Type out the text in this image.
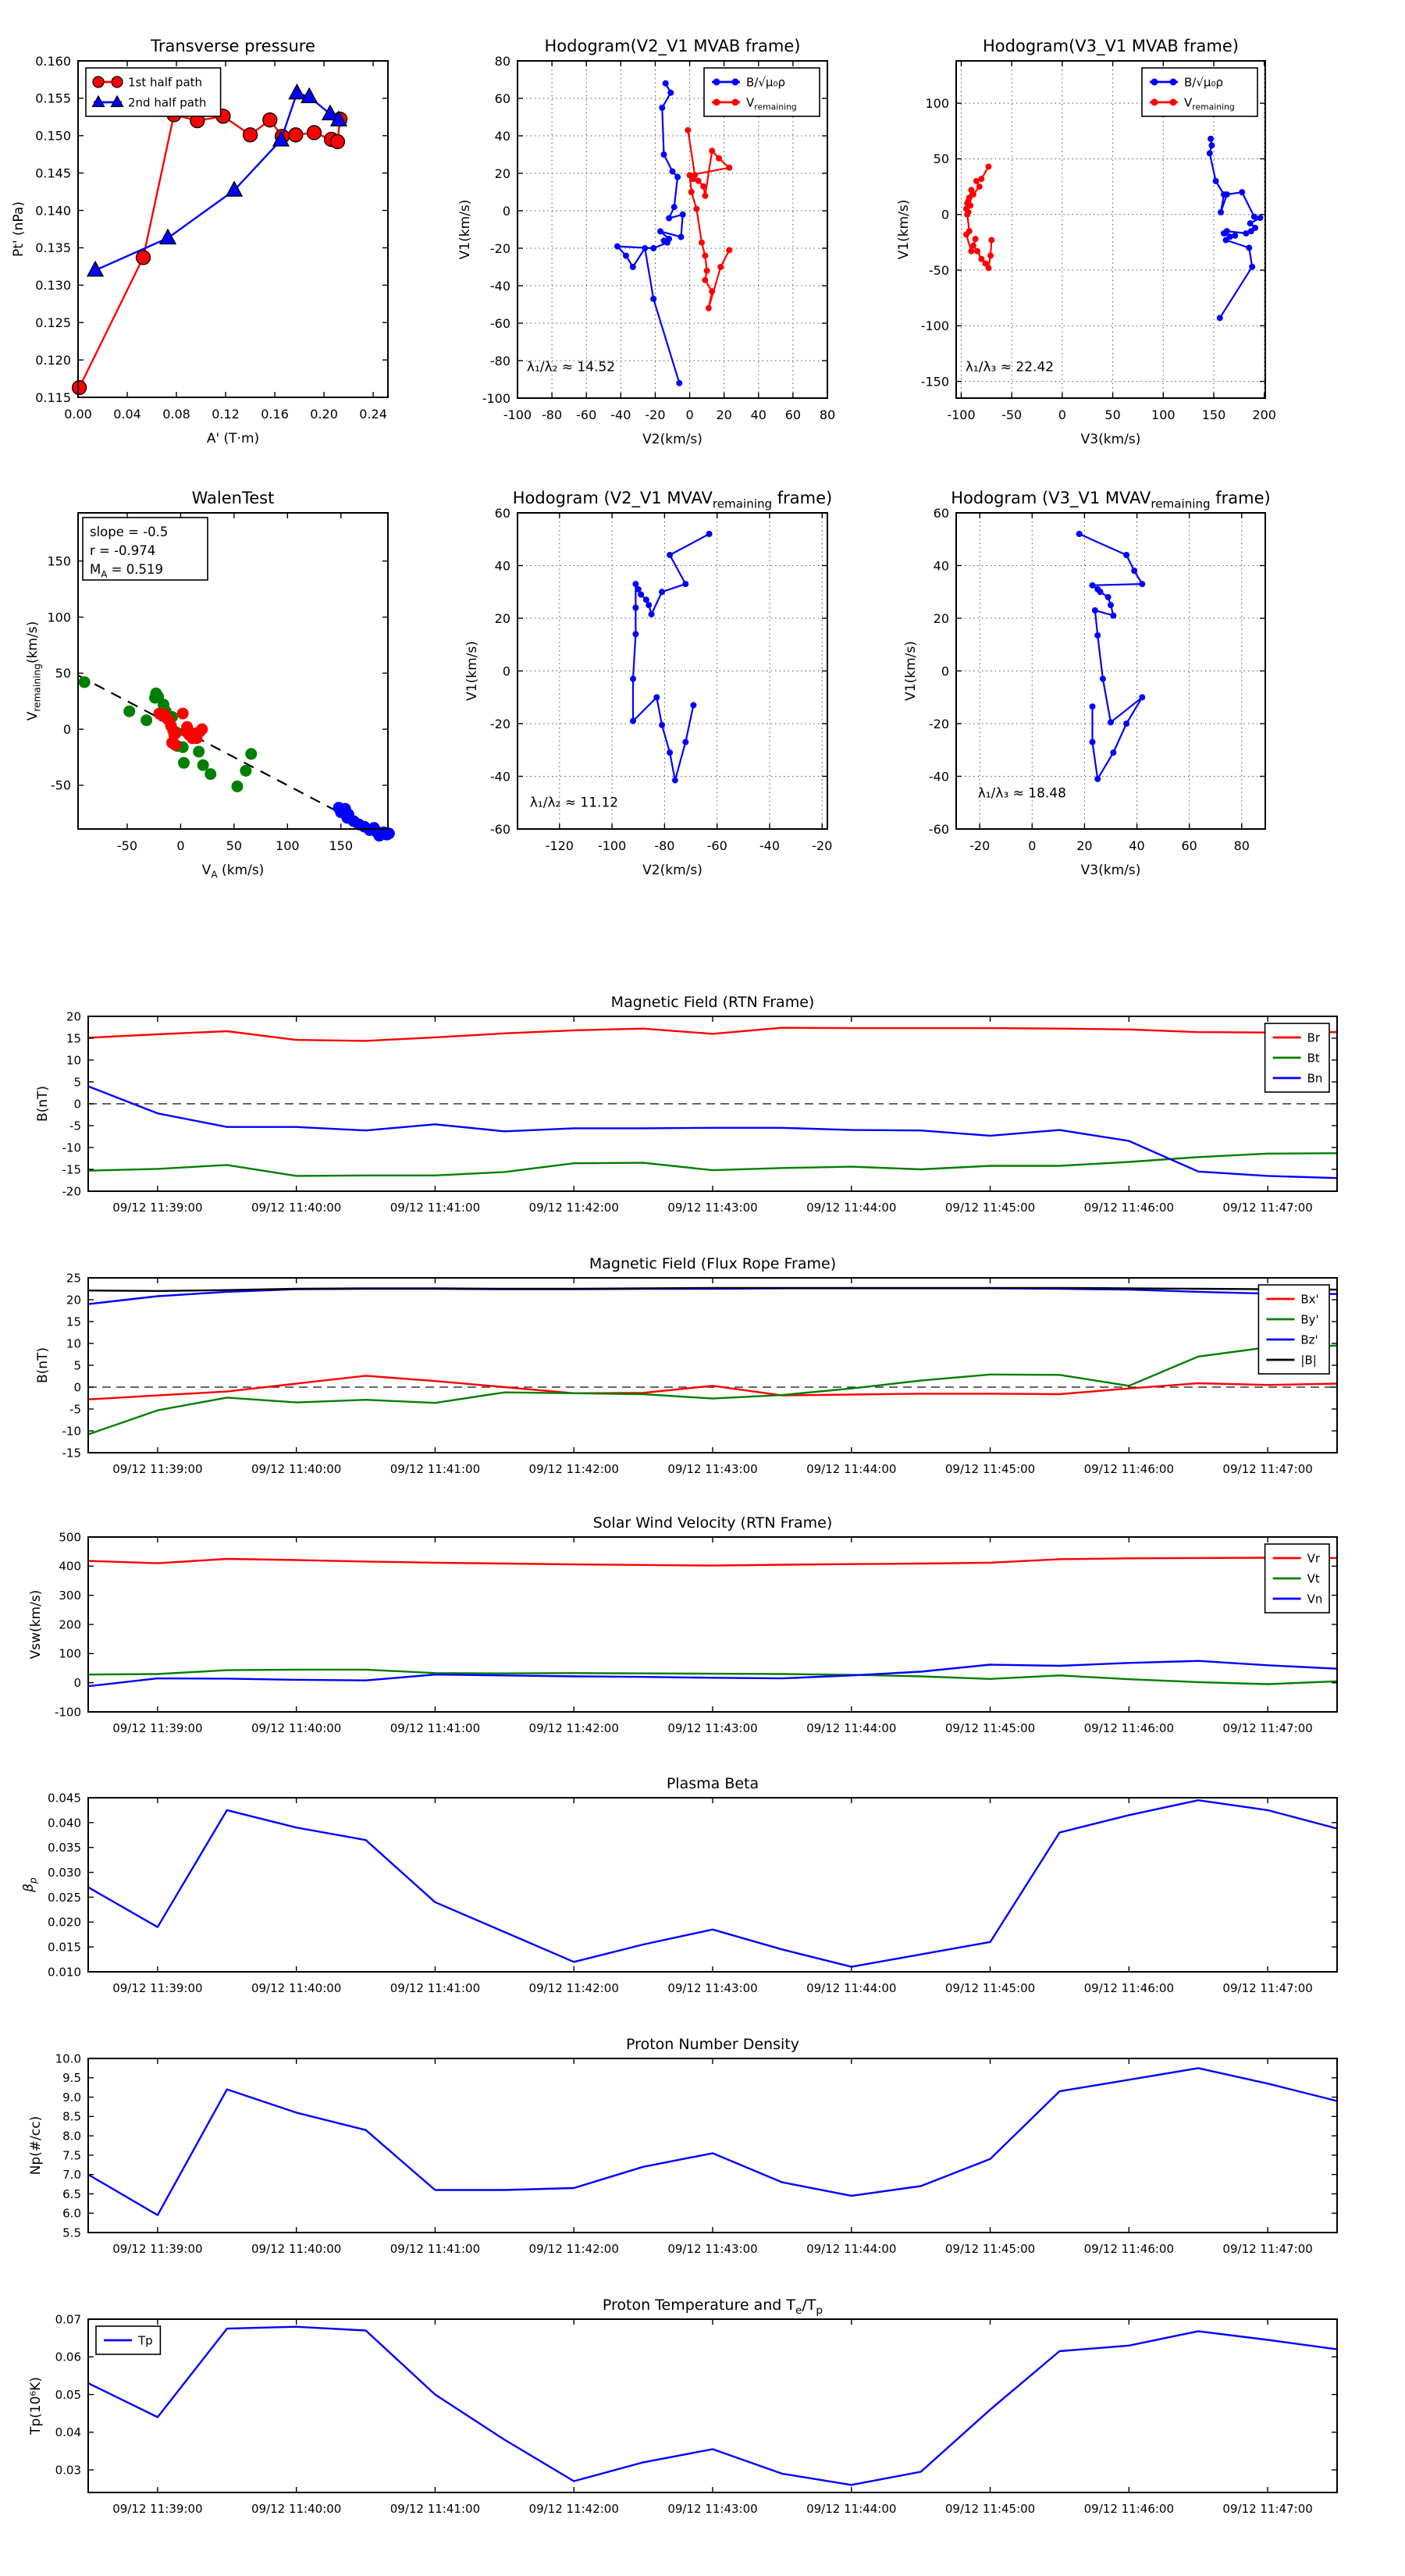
0.00 0.04 0.08 0.12 0.16 0.20 0.24
0.115
0.120
0.125
0.130
0.135
0.140
0.145
0.150
0.155
0.160
Transverse pressure
A' (T·m)
Pt' (nPa)
1st half path
2nd half path
λ₁/λ₂ ≈ 14.52
-100 -80 -60 -40 -20 0 20 40 60 80
-100
-80
-60
-40
-20
0
20
40
60
80
Hodogram(V2_V1 MVAB frame)
V2(km/s)
V1(km/s)
B/√μ₀ρ
$V_{remaining}$
λ₁/λ₃ ≈ 22.42
-100 -50	0	50 100 150 200
-150
-100
-50
0
50
100
Hodogram(V3_V1 MVAB frame)
V3(km/s)
V1(km/s)
B/√μ₀ρ
$V_{remaining}$
slope = -0.5
r = -0.974
$M_A = 0.519$
-50	0	50	100 150
-50
0
50
100
150
WalenTest
$V_A$ (km/s)
$V_{remaining}(km/s)$
λ₁/λ₂ ≈ 11.12
-120 -100 -80	-60	-40	-20
-60
-40
-20
0
20
40
60
Hodogram (V2_V1 $MVAV_{remaining}$ frame)
V2(km/s)
V1(km/s)
λ₁/λ₃ ≈ 18.48
-20	0	20	40	60	80
-60
-40
-20
0
20
40
60
Hodogram (V3_V1 $MVAV_{remaining}$ frame)
V3(km/s)
V1(km/s)
09/12 11:39:00	09/12 11:40:00	09/12 11:41:00	09/12 11:42:00	09/12 11:43:00	09/12 11:44:00	09/12 11:45:00	09/12 11:46:00	09/12 11:47:00
-20
-15
-10
-5
0
5
10
15
20
Magnetic Field (RTN Frame)
B(nT)
Br
Bt
Bn
09/12 11:39:00	09/12 11:40:00	09/12 11:41:00	09/12 11:42:00	09/12 11:43:00	09/12 11:44:00	09/12 11:45:00	09/12 11:46:00	09/12 11:47:00
-15
-10
-5
0
5
10
15
20
25
Magnetic Field (Flux Rope Frame)
B(nT)
Bx'
By'
Bz'
|B|
09/12 11:39:00	09/12 11:40:00	09/12 11:41:00	09/12 11:42:00	09/12 11:43:00	09/12 11:44:00	09/12 11:45:00	09/12 11:46:00	09/12 11:47:00
-100
0
100
200
300
400
500
Solar Wind Velocity (RTN Frame)
Vsw(km/s)
Vr
Vt
Vn
09/12 11:39:00	09/12 11:40:00	09/12 11:41:00	09/12 11:42:00	09/12 11:43:00	09/12 11:44:00	09/12 11:45:00	09/12 11:46:00	09/12 11:47:00
0.010
0.015
0.020
0.025
0.030
0.035
0.040
0.045
Plasma Beta
$\beta_p$
09/12 11:39:00	09/12 11:40:00	09/12 11:41:00	09/12 11:42:00	09/12 11:43:00	09/12 11:44:00	09/12 11:45:00	09/12 11:46:00	09/12 11:47:00
5.5
6.0
6.5
7.0
7.5
8.0
8.5
9.0
9.5
10.0
Proton Number Density
Np(#/cc)
09/12 11:39:00	09/12 11:40:00	09/12 11:41:00	09/12 11:42:00	09/12 11:43:00	09/12 11:44:00	09/12 11:45:00	09/12 11:46:00	09/12 11:47:00
0.03
0.04
0.05
0.06
0.07
Proton Temperature and $T_e/T_p$
Tp(10⁶K)
Tp
